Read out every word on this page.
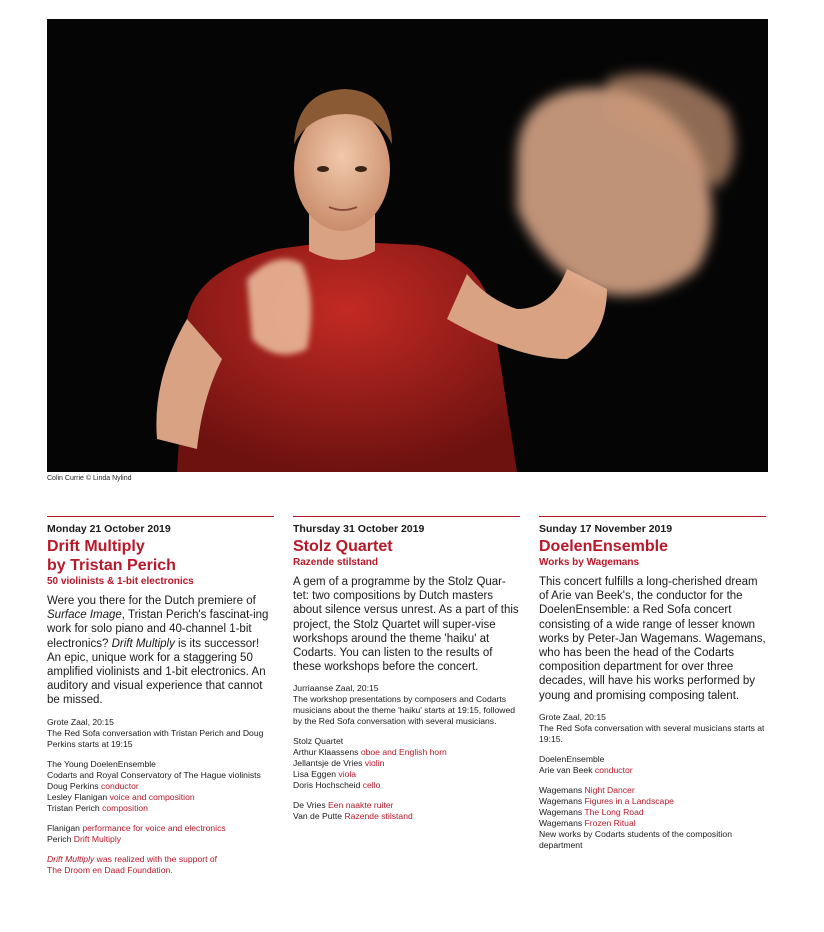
Colin Currie © Linda Nylind
Monday 21 October 2019
Drift Multiply
by Tristan Perich
50 violinists & 1-bit electronics
Were you there for the Dutch premiere of Surface Image, Tristan Perich's fascinat-ing work for solo piano and 40-channel 1-bit electronics? Drift Multiply is its successor! An epic, unique work for a staggering 50 amplified violinists and 1-bit electronics. An auditory and visual experience that cannot be missed.
Grote Zaal, 20:15
The Red Sofa conversation with Tristan Perich and Doug Perkins starts at 19:15
The Young DoelenEnsemble
Codarts and Royal Conservatory of The Hague violinists
Doug Perkins conductor
Lesley Flanigan voice and composition
Tristan Perich composition
Flanigan performance for voice and electronics
Perich Drift Multiply
Drift Multiply was realized with the support of
The Droom en Daad Foundation.
Thursday 31 October 2019
Stolz Quartet
Razende stilstand
A gem of a programme by the Stolz Quar-tet: two compositions by Dutch masters about silence versus unrest. As a part of this project, the Stolz Quartet will super-vise workshops around the theme 'haiku' at Codarts. You can listen to the results of these workshops before the concert.
Jurriaanse Zaal, 20:15
The workshop presentations by composers and Codarts musicians about the theme 'haiku' starts at 19:15, followed by the Red Sofa conversation with several musicians.
Stolz Quartet
Arthur Klaassens oboe and English horn
Jellantsje de Vries violin
Lisa Eggen viola
Doris Hochscheid cello
De Vries Een naakte ruiter
Van de Putte Razende stilstand
Sunday 17 November 2019
DoelenEnsemble
Works by Wagemans
This concert fulfills a long-cherished dream of Arie van Beek's, the conductor for the DoelenEnsemble: a Red Sofa concert consisting of a wide range of lesser known works by Peter-Jan Wagemans. Wagemans, who has been the head of the Codarts composition department for over three decades, will have his works performed by young and promising composing talent.
Grote Zaal, 20:15
The Red Sofa conversation with several musicians starts at 19:15.
DoelenEnsemble
Arie van Beek conductor
Wagemans Night Dancer
Wagemans Figures in a Landscape
Wagemans The Long Road
Wagemans Frozen Ritual
New works by Codarts students of the composition department
